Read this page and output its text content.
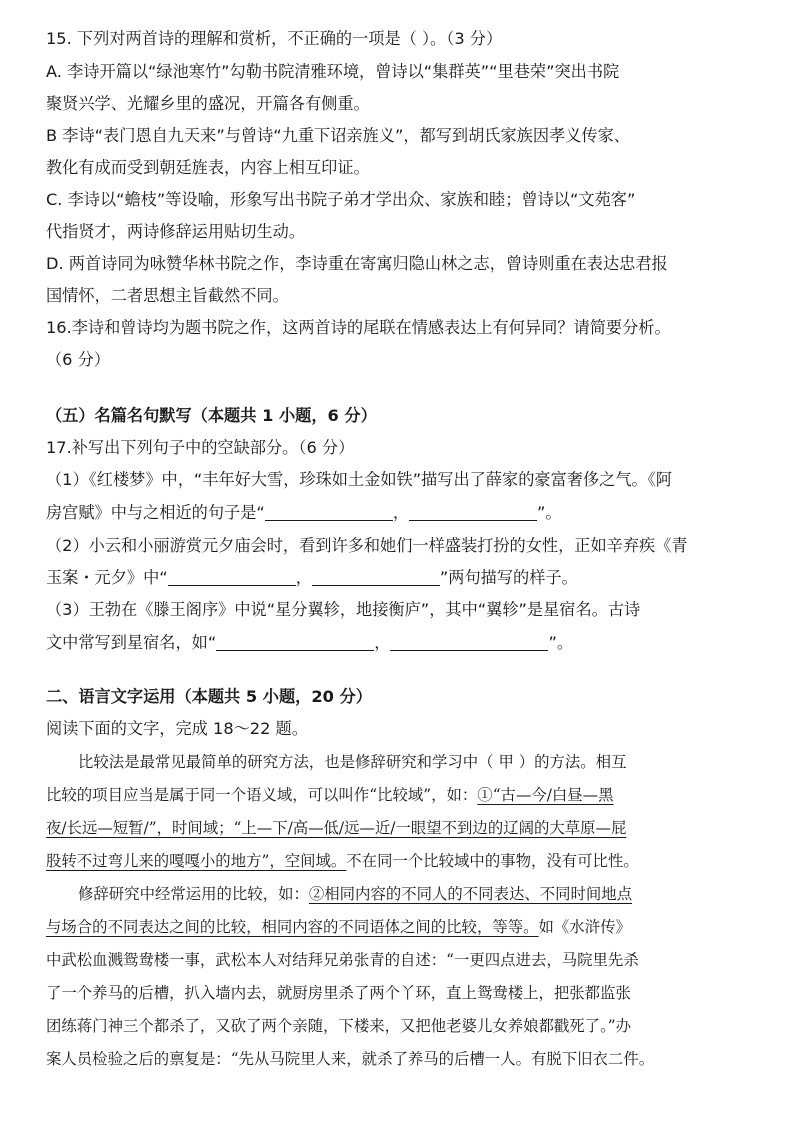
15. 下列对两首诗的理解和赏析，不正确的一项是（ ）。（3 分）
A. 李诗开篇以“绿池寒竹”勾勒书院清雅环境，曾诗以“集群英”“里巷荣”突出书院
聚贤兴学、光耀乡里的盛况，开篇各有侧重。
B 李诗“表门恩自九天来”与曾诗“九重下诏亲旌义”，都写到胡氏家族因孝义传家、
教化有成而受到朝廷旌表，内容上相互印证。
C. 李诗以“蟾枝”等设喻，形象写出书院子弟才学出众、家族和睦；曾诗以“文苑客”
代指贤才，两诗修辞运用贴切生动。
D. 两首诗同为咏赞华林书院之作，李诗重在寄寓归隐山林之志，曾诗则重在表达忠君报
国情怀，二者思想主旨截然不同。
16.李诗和曾诗均为题书院之作，这两首诗的尾联在情感表达上有何异同？请简要分析。
（6 分）
（五）名篇名句默写（本题共 1 小题，6 分）
17.补写出下列句子中的空缺部分。（6 分）
（1）《红楼梦》中，“丰年好大雪，珍珠如土金如铁”描写出了薛家的豪富奢侈之气。《阿
房宫赋》中与之相近的句子是“	，	”。
（2）小云和小丽游赏元夕庙会时，看到许多和她们一样盛装打扮的女性，正如辛弃疾《青
玉案・元夕》中“	，	”两句描写的样子。
（3）王勃在《滕王阁序》中说“星分翼轸，地接衡庐”，其中“翼轸”是星宿名。古诗
文中常写到星宿名，如“	，	”。
二、语言文字运用（本题共 5 小题，20 分）
阅读下面的文字，完成 18～22 题。
比较法是最常见最简单的研究方法，也是修辞研究和学习中（ 甲 ）的方法。相互
比较的项目应当是属于同一个语义域，可以叫作“比较域”，如：①“古—今/白昼—黑
夜/长远—短暂/”，时间域；“上—下/高—低/远—近/一眼望不到边的辽阔的大草原—屁
股转不过弯儿来的嘎嘎小的地方”，空间域。不在同一个比较域中的事物，没有可比性。
修辞研究中经常运用的比较，如：②相同内容的不同人的不同表达、不同时间地点
与场合的不同表达之间的比较，相同内容的不同语体之间的比较，等等。如《水浒传》
中武松血溅鸳鸯楼一事，武松本人对结拜兄弟张青的自述：“一更四点进去，马院里先杀
了一个养马的后槽，扒入墙内去，就厨房里杀了两个丫环，直上鸳鸯楼上，把张都监张
团练蒋门神三个都杀了，又砍了两个亲随，下楼来，又把他老婆儿女养娘都戳死了。”办
案人员检验之后的禀复是：“先从马院里人来，就杀了养马的后槽一人。有脱下旧衣二件。
